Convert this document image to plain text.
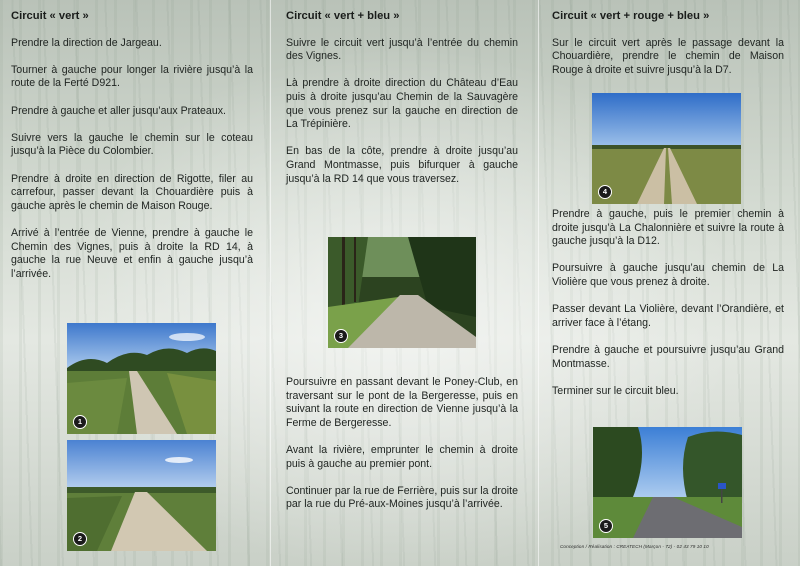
Circuit « vert »

Prendre la direction de Jargeau.

Tourner à gauche pour longer la rivière jusqu’à la route de la Ferté D921.

Prendre à gauche et aller jusqu’aux Prateaux.

Suivre vers la gauche le chemin sur le coteau jusqu’à la Pièce du Colombier.

Prendre à droite en direction de Rigotte, filer au carrefour, passer devant la Chouardière puis à gauche après le chemin de Maison Rouge.

Arrivé à l’entrée de Vienne, prendre à gauche le Chemin des Vignes, puis à droite la RD 14, à gauche la rue Neuve et enfin à gauche jusqu’à l’arrivée.

1
2
Circuit « vert + bleu »

Suivre le circuit vert jusqu’à l’entrée du chemin des Vignes.

Là prendre à droite direction du Château d’Eau puis à droite jusqu’au Chemin de la Sauvagère que vous prenez sur la gauche en direction de La Trépinière.

En bas de la côte, prendre à droite jusqu’au Grand Montmasse, puis bifurquer à gauche jusqu’à la RD 14 que vous traversez.

3

Poursuivre en passant devant le Poney-Club, en traversant sur le pont de la Bergeresse, puis en suivant la route en direction de Vienne jusqu’à la Ferme de Bergeresse.

Avant la rivière, emprunter le chemin à droite puis à gauche au premier pont.

Continuer par la rue de Ferrière, puis sur la droite par la rue du Pré-aux-Moines jusqu’à l’arrivée.

Circuit « vert + rouge + bleu »

Sur le circuit vert après le passage devant la Chouardière, prendre le chemin de Maison Rouge à droite et suivre jusqu’à la D7.

4

Prendre à gauche, puis le premier chemin à droite jusqu’à La Chalonnière et suivre la route à gauche jusqu’à la D12.

Poursuivre à gauche jusqu’au chemin de La Violière que vous prenez à droite.

Passer devant La Violière, devant l’Orandière, et arriver face à l’étang.

Prendre à gauche et poursuivre jusqu’au Grand Montmasse.

Terminer sur le circuit bleu.

5
Conception / Réalisation : CREATECH (Marçon - 72) - 02 43 79 10 10
